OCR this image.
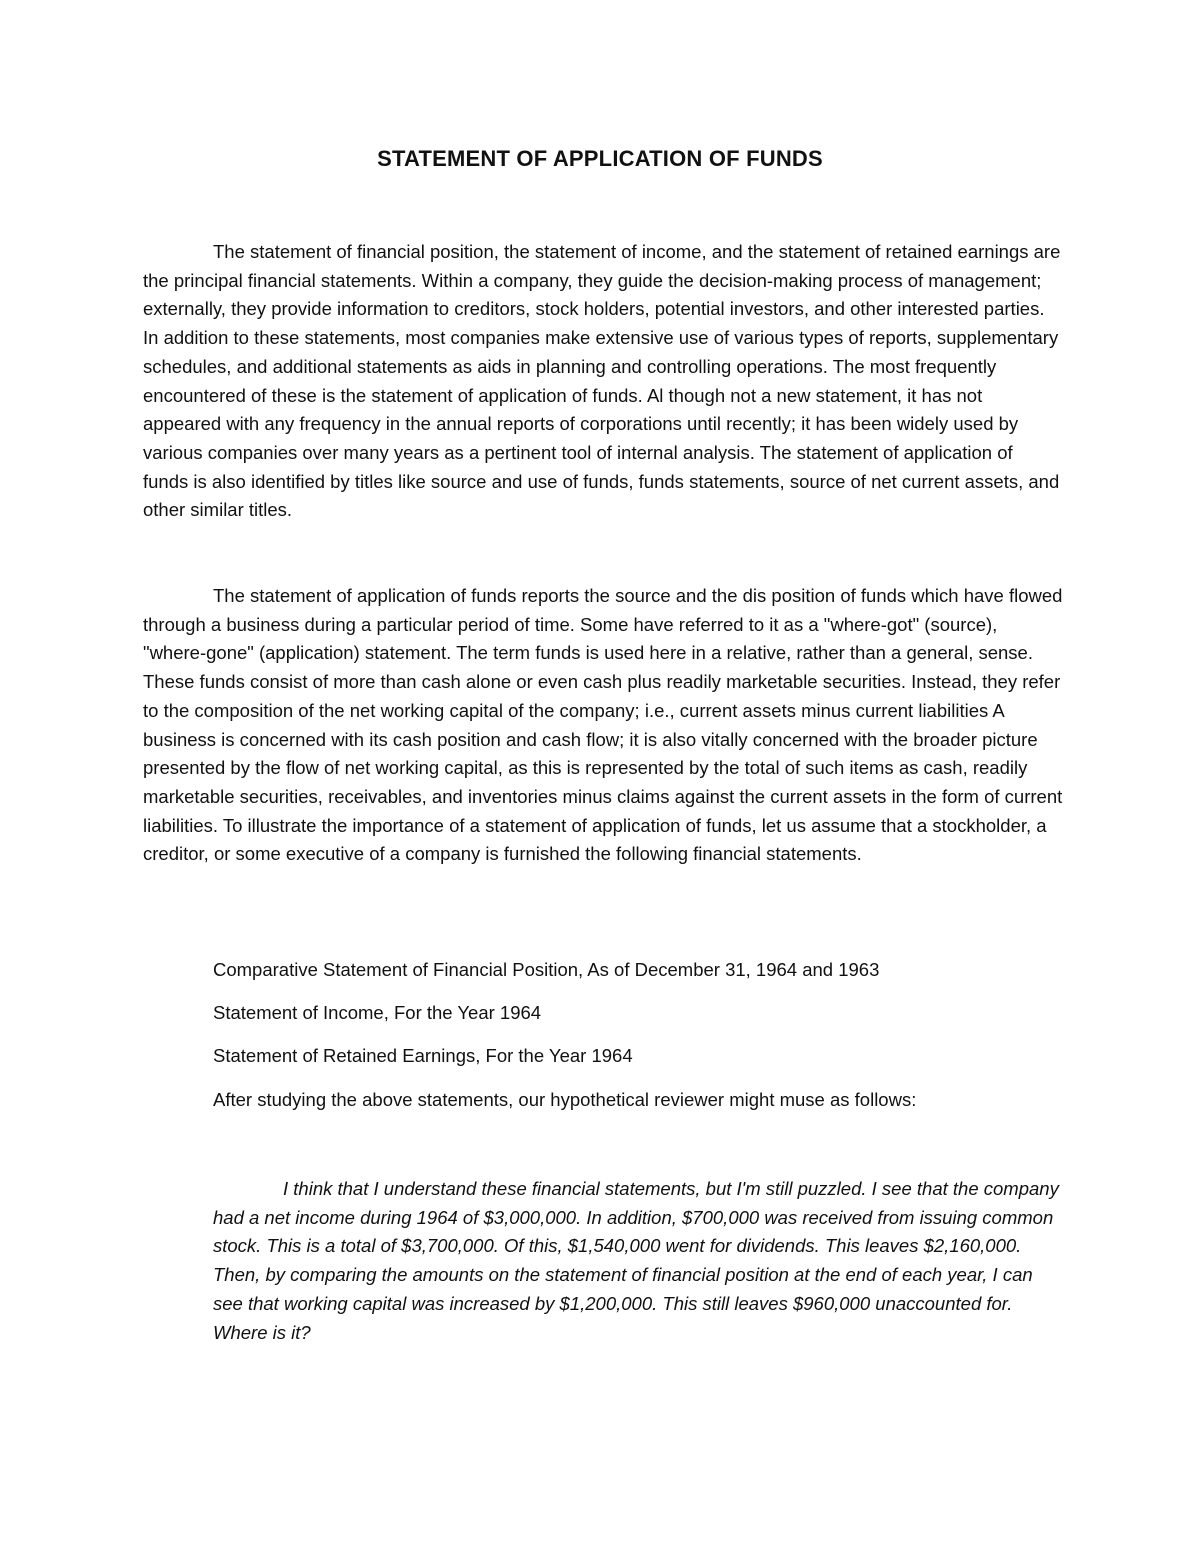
STATEMENT OF APPLICATION OF FUNDS

The statement of financial position, the statement of income, and the statement of retained earnings are the principal financial statements. Within a company, they guide the decision-making process of management; externally, they provide information to creditors, stock holders, potential investors, and other interested parties. In addition to these statements, most companies make extensive use of various types of reports, supplementary schedules, and additional statements as aids in planning and controlling operations. The most frequently encountered of these is the statement of application of funds. Al though not a new statement, it has not appeared with any frequency in the annual reports of corporations until recently; it has been widely used by various companies over many years as a pertinent tool of internal analysis. The statement of application of funds is also identified by titles like source and use of funds, funds statements, source of net current assets, and other similar titles.

The statement of application of funds reports the source and the dis position of funds which have flowed through a business during a particular period of time. Some have referred to it as a "where-got" (source), "where-gone" (application) statement. The term funds is used here in a relative, rather than a general, sense. These funds consist of more than cash alone or even cash plus readily marketable securities. Instead, they refer to the composition of the net working capital of the company; i.e., current assets minus current liabilities A business is concerned with its cash position and cash flow; it is also vitally concerned with the broader picture presented by the flow of net working capital, as this is represented by the total of such items as cash, readily marketable securities, receivables, and inventories minus claims against the current assets in the form of current liabilities. To illustrate the importance of a statement of application of funds, let us assume that a stockholder, a creditor, or some executive of a company is furnished the following financial statements.

Comparative Statement of Financial Position, As of December 31, 1964 and 1963

Statement of Income, For the Year 1964

Statement of Retained Earnings, For the Year 1964

After studying the above statements, our hypothetical reviewer might muse as follows:

I think that I understand these financial statements, but I'm still puzzled. I see that the company had a net income during 1964 of $3,000,000. In addition, $700,000 was received from issuing common stock. This is a total of $3,700,000. Of this, $1,540,000 went for dividends. This leaves $2,160,000. Then, by comparing the amounts on the statement of financial position at the end of each year, I can see that working capital was increased by $1,200,000. This still leaves $960,000 unaccounted for. Where is it?
